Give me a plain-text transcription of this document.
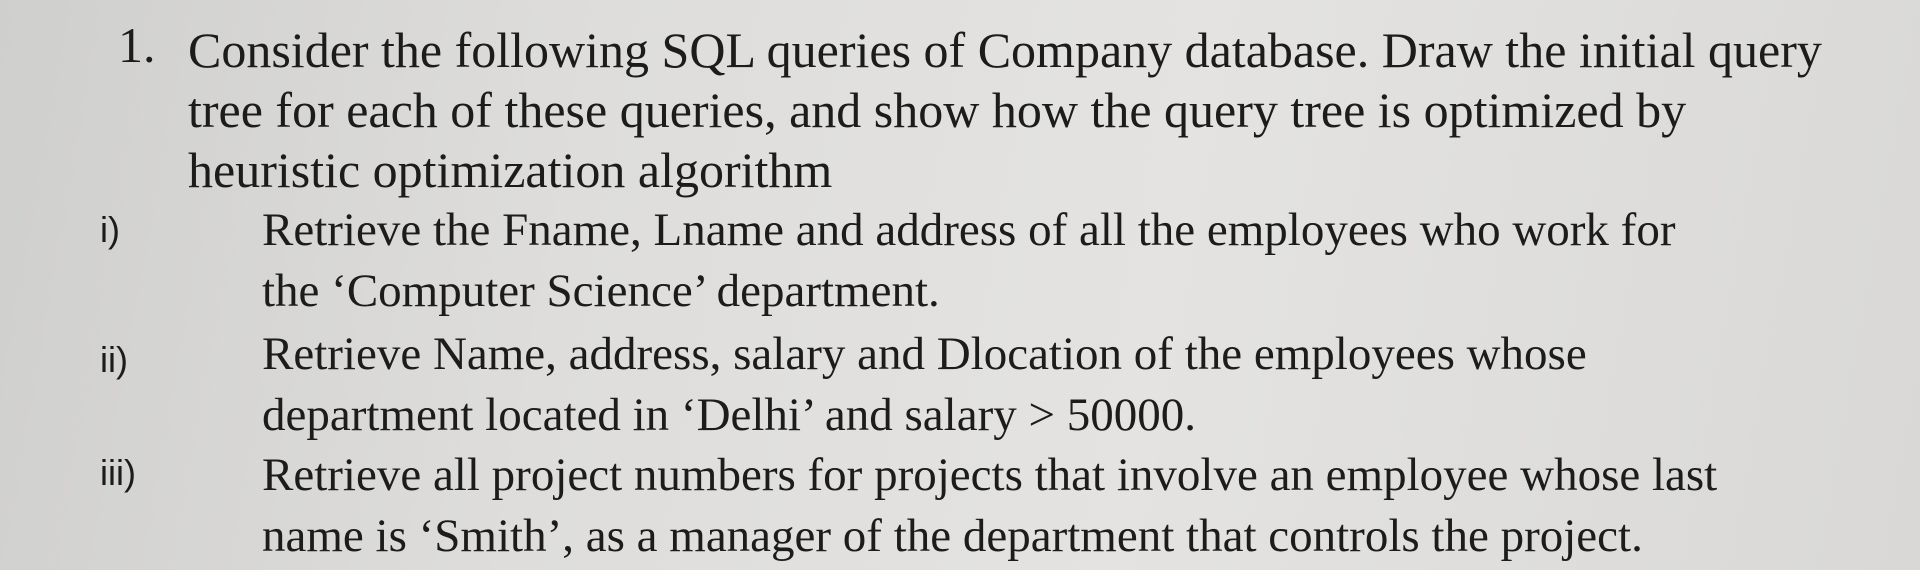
1. Consider the following SQL queries of Company database. Draw the initial query
tree for each of these queries, and show how the query tree is optimized by
heuristic optimization algorithm
i)	Retrieve the Fname, Lname and address of all the employees who work for
the ‘Computer Science’ department.
ii)	Retrieve Name, address, salary and Dlocation of the employees whose
department located in ‘Delhi’ and salary > 50000.
iii)	Retrieve all project numbers for projects that involve an employee whose last
name is ‘Smith’, as a manager of the department that controls the project.
